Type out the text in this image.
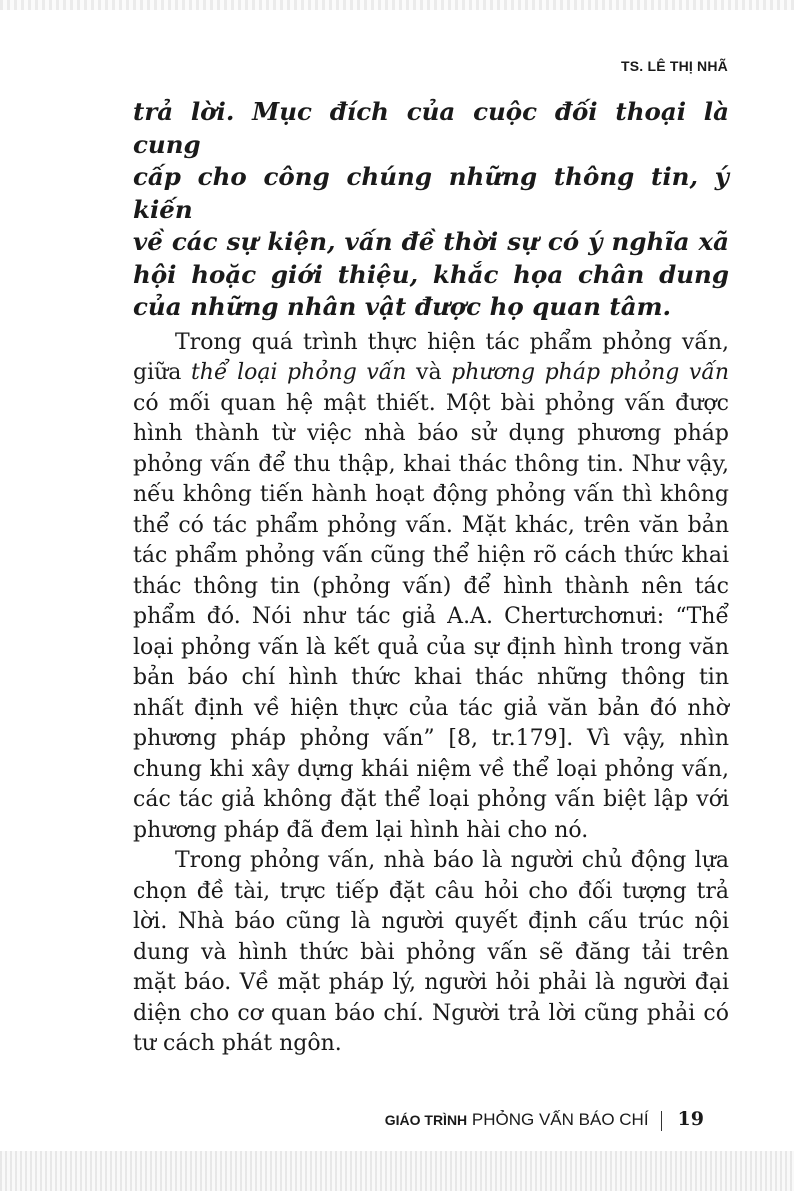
TS. LÊ THỊ NHÃ
trả lời. Mục đích của cuộc đối thoại là cung
cấp cho công chúng những thông tin, ý kiến
về các sự kiện, vấn đề thời sự có ý nghĩa xã
hội hoặc giới thiệu, khắc họa chân dung
của những nhân vật được họ quan tâm.

Trong quá trình thực hiện tác phẩm phỏng vấn, giữa thể loại phỏng vấn và phương pháp phỏng vấn có mối quan hệ mật thiết. Một bài phỏng vấn được hình thành từ việc nhà báo sử dụng phương pháp phỏng vấn để thu thập, khai thác thông tin. Như vậy, nếu không tiến hành hoạt động phỏng vấn thì không thể có tác phẩm phỏng vấn. Mặt khác, trên văn bản tác phẩm phỏng vấn cũng thể hiện rõ cách thức khai thác thông tin (phỏng vấn) để hình thành nên tác phẩm đó. Nói như tác giả A.A. Chertưchơnưi: “Thể loại phỏng vấn là kết quả của sự định hình trong văn bản báo chí hình thức khai thác những thông tin nhất định về hiện thực của tác giả văn bản đó nhờ phương pháp phỏng vấn” [8, tr.179]. Vì vậy, nhìn chung khi xây dựng khái niệm về thể loại phỏng vấn, các tác giả không đặt thể loại phỏng vấn biệt lập với phương pháp đã đem lại hình hài cho nó.

Trong phỏng vấn, nhà báo là người chủ động lựa chọn đề tài, trực tiếp đặt câu hỏi cho đối tượng trả lời. Nhà báo cũng là người quyết định cấu trúc nội dung và hình thức bài phỏng vấn sẽ đăng tải trên mặt báo. Về mặt pháp lý, người hỏi phải là người đại diện cho cơ quan báo chí. Người trả lời cũng phải có tư cách phát ngôn.

GIÁO TRÌNH PHỎNG VẤN BÁO CHÍ 19
